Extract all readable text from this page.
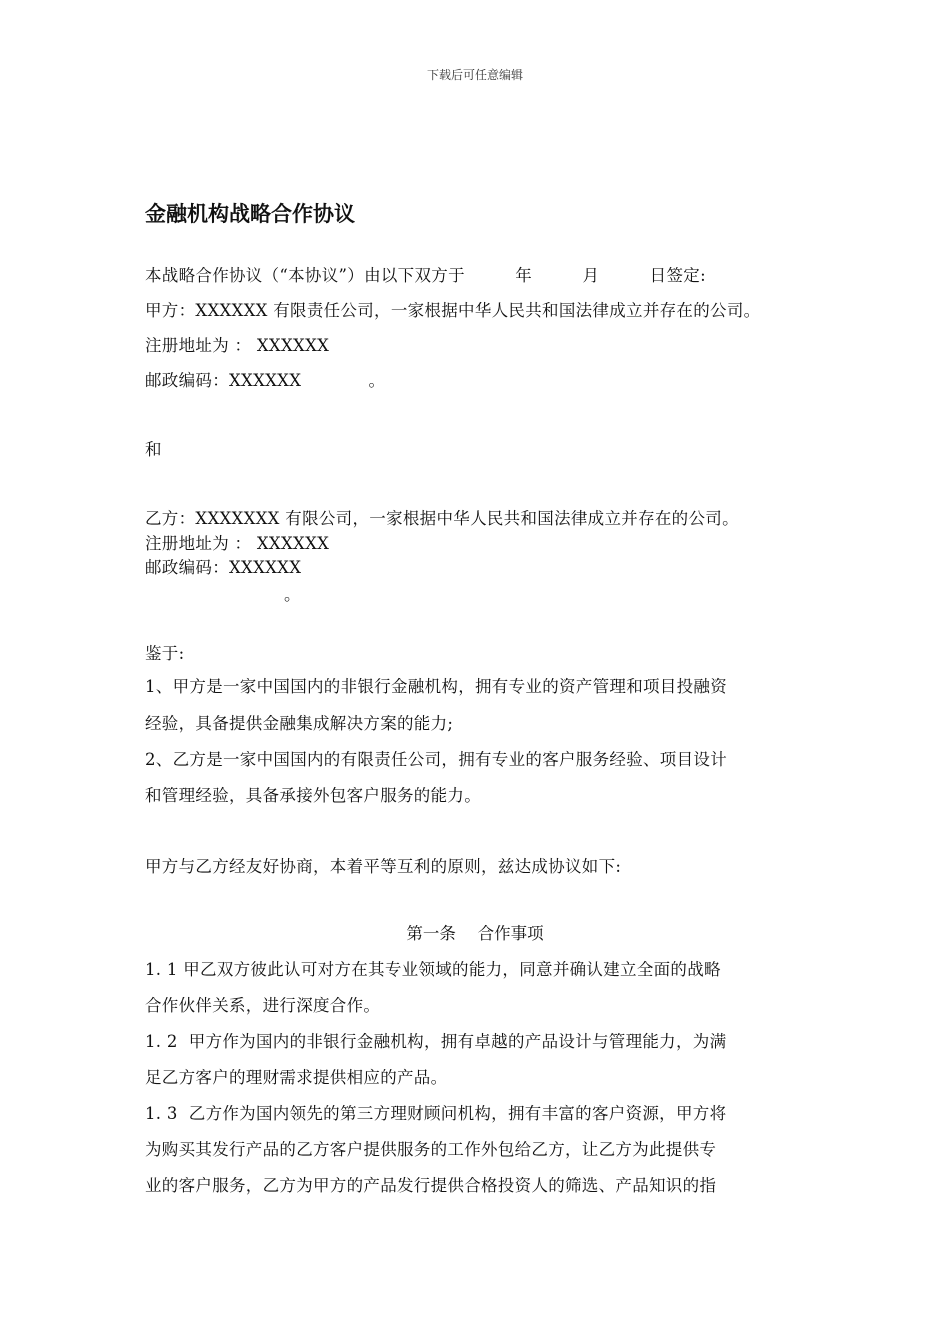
下载后可任意编辑
金融机构战略合作协议
本战略合作协议（“本协议”）由以下双方于　　　年　　　月　　　日签定:
甲方：XXXXXX 有限责任公司，一家根据中华人民共和国法律成立并存在的公司。
注册地址为 ： XXXXXX
邮政编码：XXXXXX　　　　。
和
乙方：XXXXXXX 有限公司，一家根据中华人民共和国法律成立并存在的公司。
注册地址为 ： XXXXXX
邮政编码：XXXXXX
。
鉴于:
1、甲方是一家中国国内的非银行金融机构，拥有专业的资产管理和项目投融资
经验，具备提供金融集成解决方案的能力;
2、乙方是一家中国国内的有限责任公司，拥有专业的客户服务经验、项目设计
和管理经验，具备承接外包客户服务的能力。
甲方与乙方经友好协商，本着平等互利的原则，兹达成协议如下:
第一条　 合作事项
1. 1 甲乙双方彼此认可对方在其专业领域的能力，同意并确认建立全面的战略
合作伙伴关系，进行深度合作。
1. 2  甲方作为国内的非银行金融机构，拥有卓越的产品设计与管理能力，为满
足乙方客户的理财需求提供相应的产品。
1. 3  乙方作为国内领先的第三方理财顾问机构，拥有丰富的客户资源，甲方将
为购买其发行产品的乙方客户提供服务的工作外包给乙方，让乙方为此提供专
业的客户服务，乙方为甲方的产品发行提供合格投资人的筛选、产品知识的指
